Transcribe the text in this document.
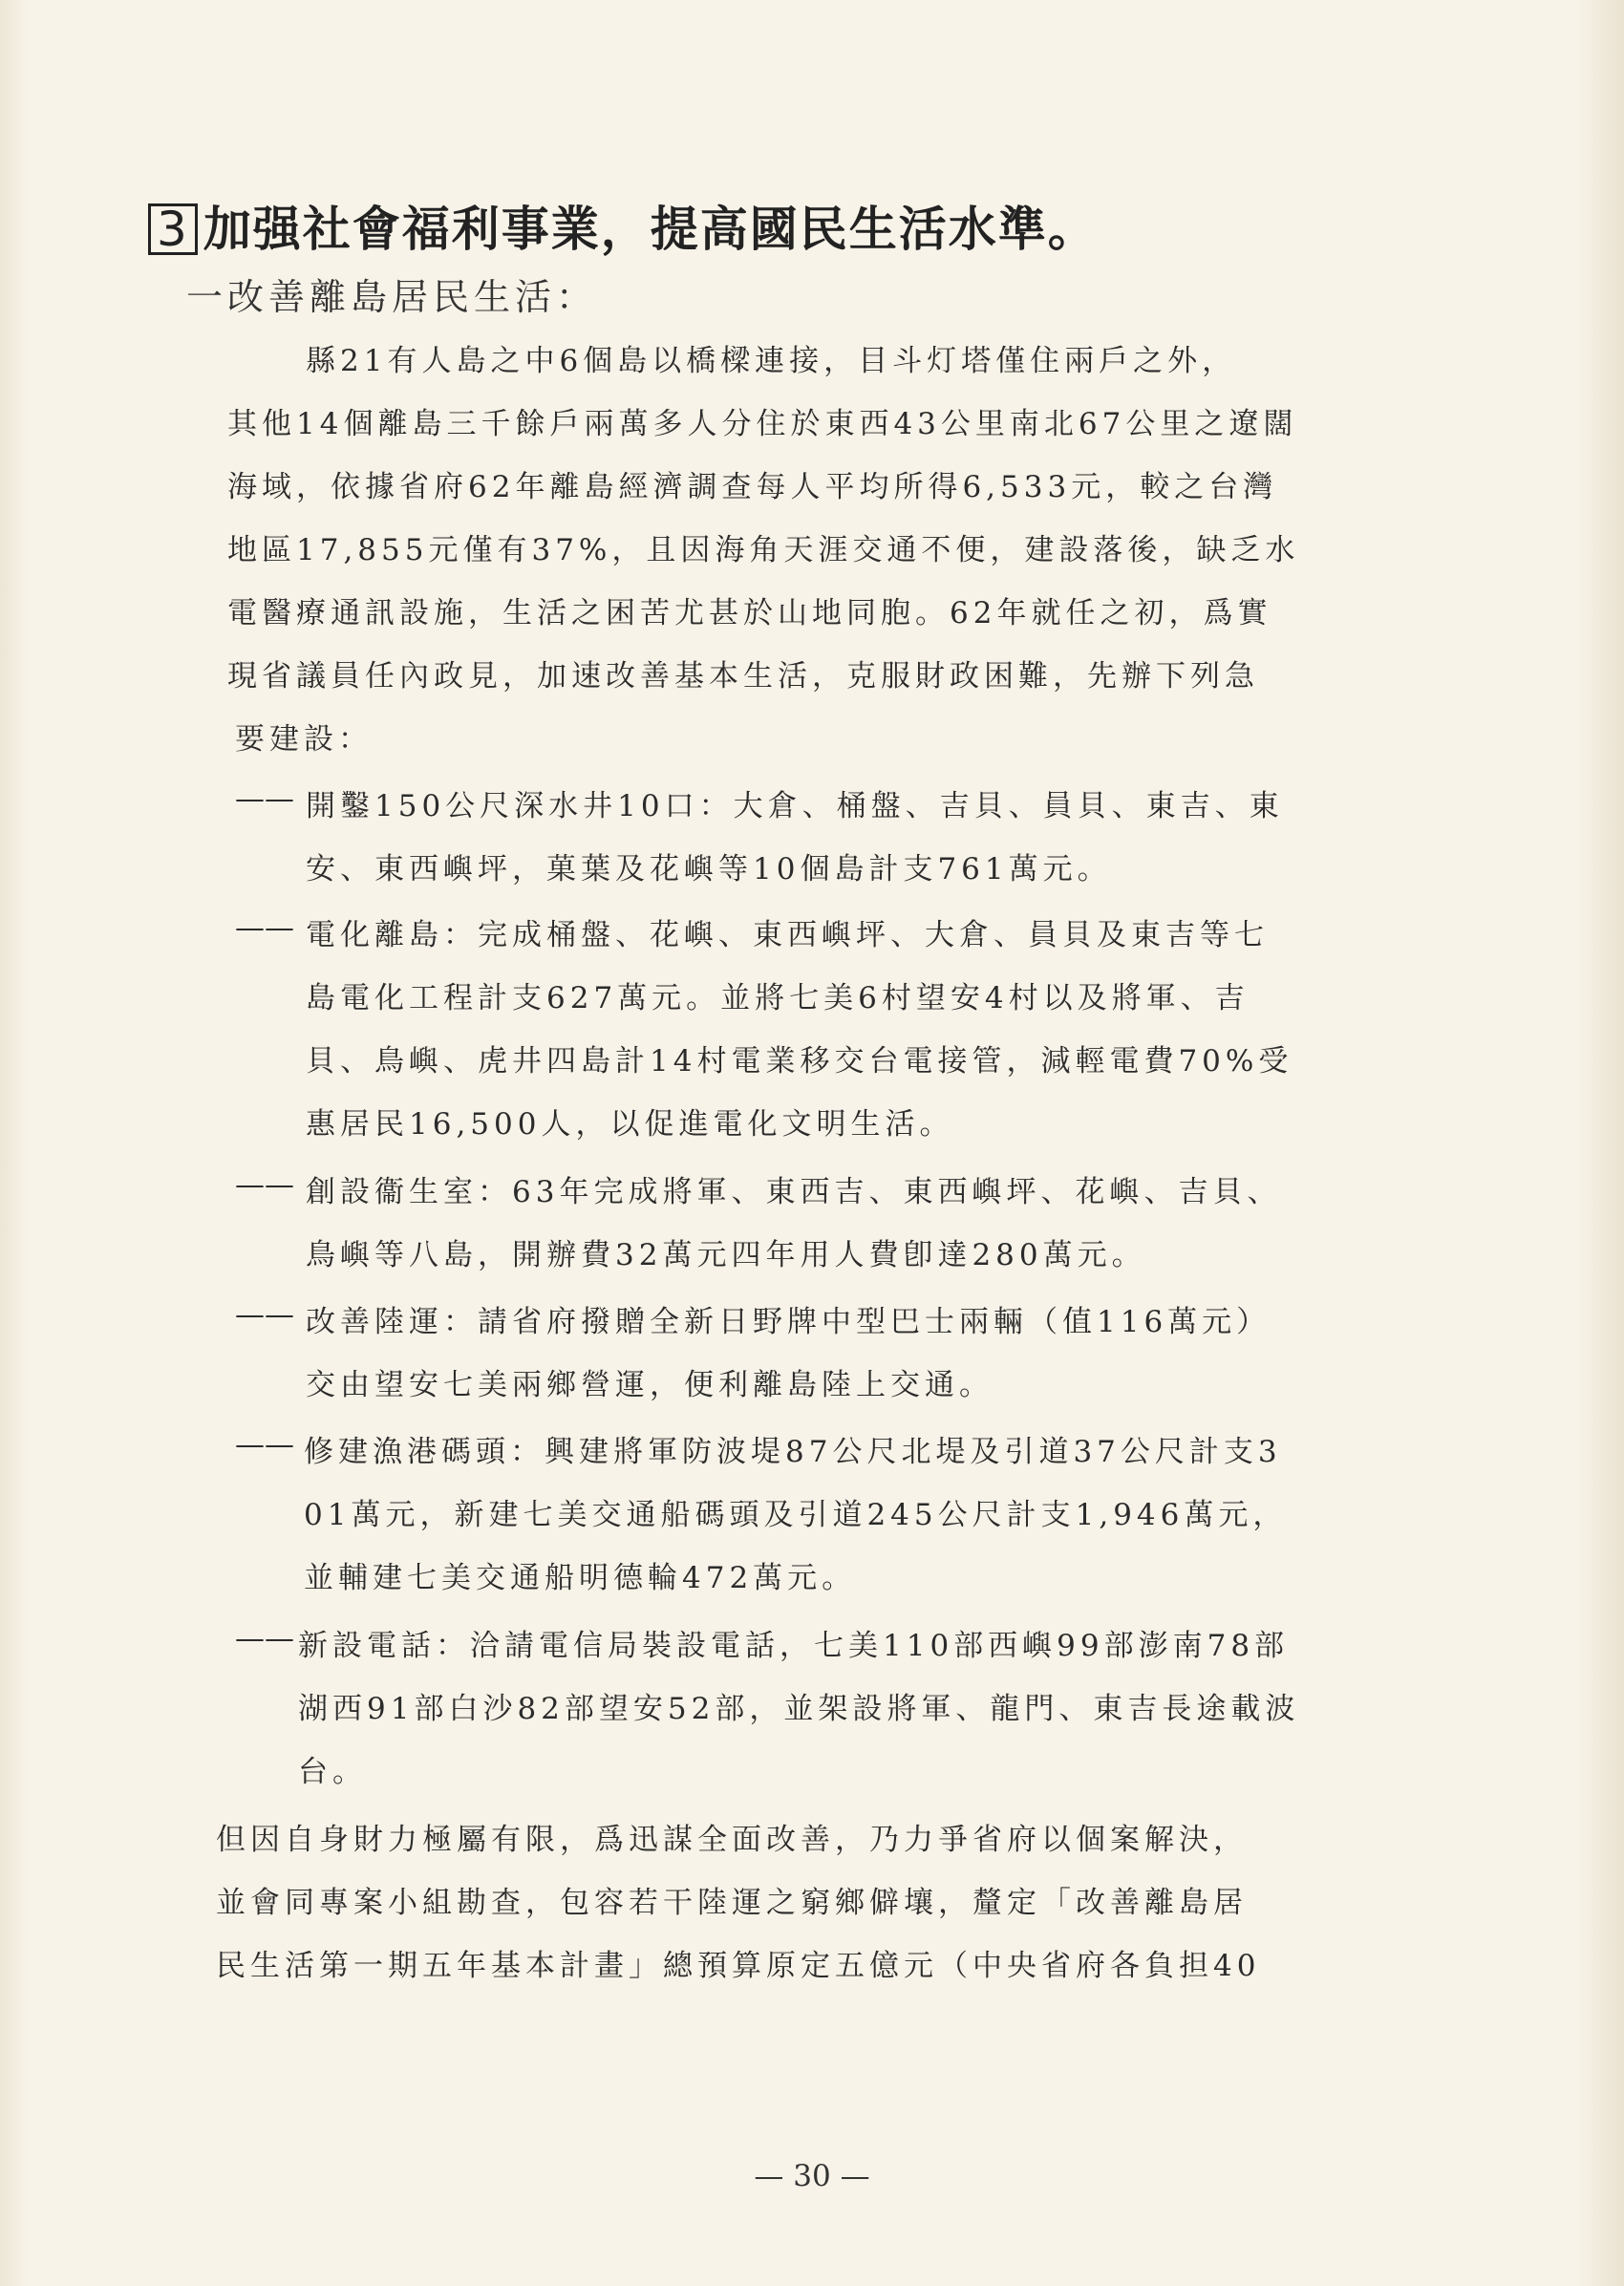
3 加强社會福利事業，提高國民生活水準。
一改善離島居民生活：
縣21有人島之中6個島以橋樑連接，目斗灯塔僅住兩戶之外，
其他14個離島三千餘戶兩萬多人分住於東西43公里南北67公里之遼闊
海域，依據省府62年離島經濟調查每人平均所得6,533元，較之台灣
地區17,855元僅有37%，且因海角天涯交通不便，建設落後，缺乏水
電醫療通訊設施，生活之困苦尤甚於山地同胞。62年就任之初，爲實
現省議員任內政見，加速改善基本生活，克服財政困難，先辦下列急
要建設：
—— 開鑿150公尺深水井10口：大倉、桶盤、吉貝、員貝、東吉、東
安、東西嶼坪，菓葉及花嶼等10個島計支761萬元。
—— 電化離島：完成桶盤、花嶼、東西嶼坪、大倉、員貝及東吉等七
島電化工程計支627萬元。並將七美6村望安4村以及將軍、吉
貝、鳥嶼、虎井四島計14村電業移交台電接管，減輕電費70%受
惠居民16,500人，以促進電化文明生活。
—— 創設衞生室：63年完成將軍、東西吉、東西嶼坪、花嶼、吉貝、
鳥嶼等八島，開辦費32萬元四年用人費卽達280萬元。
—— 改善陸運：請省府撥贈全新日野牌中型巴士兩輛（值116萬元）
交由望安七美兩鄉營運，便利離島陸上交通。
—— 修建漁港碼頭：興建將軍防波堤87公尺北堤及引道37公尺計支3
01萬元，新建七美交通船碼頭及引道245公尺計支1,946萬元，
並輔建七美交通船明德輪472萬元。
—— 新設電話：洽請電信局裝設電話，七美110部西嶼99部澎南78部
湖西91部白沙82部望安52部，並架設將軍、龍門、東吉長途載波
台。
但因自身財力極屬有限，爲迅謀全面改善，乃力爭省府以個案解決，
並會同專案小組勘查，包容若干陸運之窮鄉僻壤，釐定「改善離島居
民生活第一期五年基本計畫」總預算原定五億元（中央省府各負担40
— 30 —
